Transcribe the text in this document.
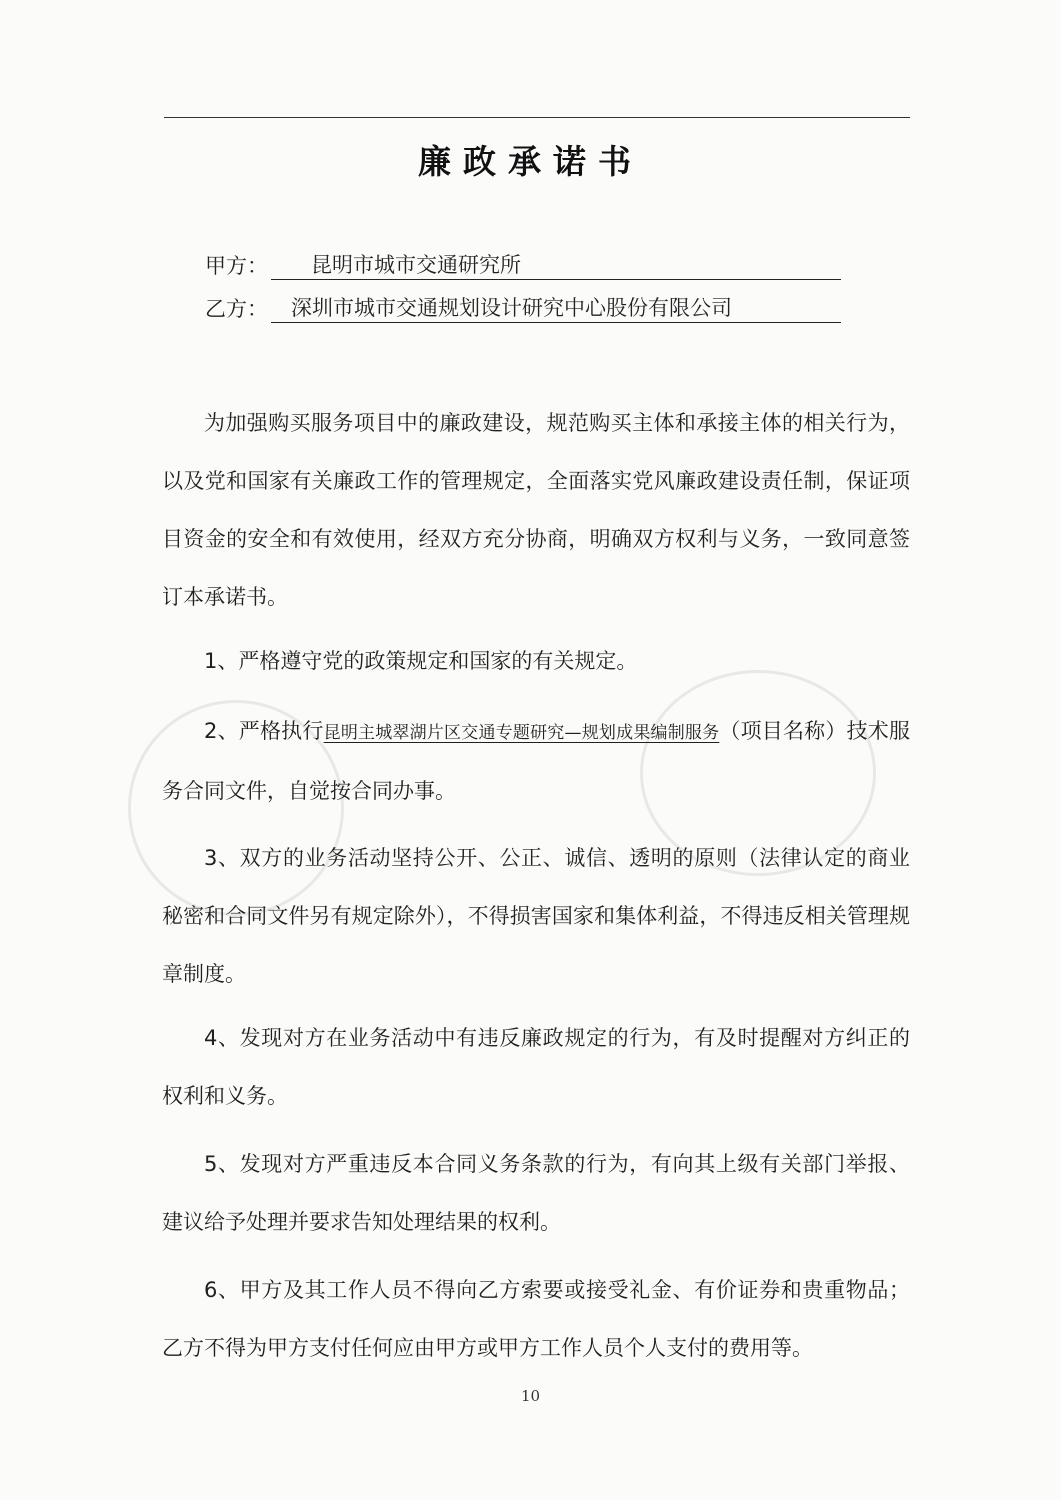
廉政承诺书
甲方：	昆明市城市交通研究所
乙方：	深圳市城市交通规划设计研究中心股份有限公司

为加强购买服务项目中的廉政建设，规范购买主体和承接主体的相关行为，以及党和国家有关廉政工作的管理规定，全面落实党风廉政建设责任制，保证项目资金的安全和有效使用，经双方充分协商，明确双方权利与义务，一致同意签订本承诺书。

1、严格遵守党的政策规定和国家的有关规定。

2、严格执行昆明主城翠湖片区交通专题研究—规划成果编制服务（项目名称）技术服务合同文件，自觉按合同办事。

3、双方的业务活动坚持公开、公正、诚信、透明的原则（法律认定的商业秘密和合同文件另有规定除外），不得损害国家和集体利益，不得违反相关管理规章制度。

4、发现对方在业务活动中有违反廉政规定的行为，有及时提醒对方纠正的权利和义务。

5、发现对方严重违反本合同义务条款的行为，有向其上级有关部门举报、建议给予处理并要求告知处理结果的权利。

6、甲方及其工作人员不得向乙方索要或接受礼金、有价证券和贵重物品；乙方不得为甲方支付任何应由甲方或甲方工作人员个人支付的费用等。

10
